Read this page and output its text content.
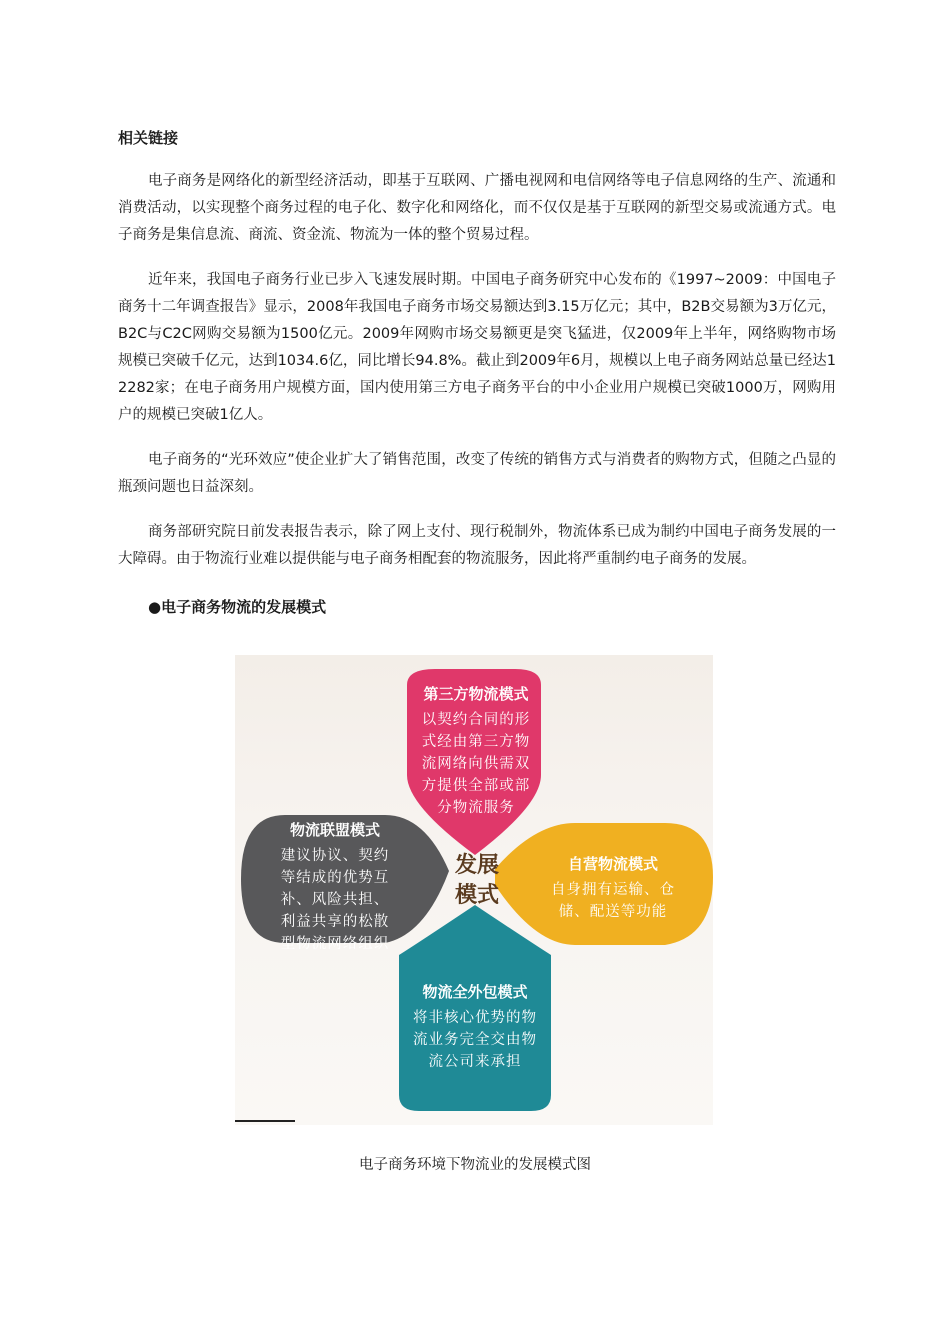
相关链接

电子商务是网络化的新型经济活动，即基于互联网、广播电视网和电信网络等电子信息网络的生产、流通和消费活动，以实现整个商务过程的电子化、数字化和网络化，而不仅仅是基于互联网的新型交易或流通方式。电子商务是集信息流、商流、资金流、物流为一体的整个贸易过程。

近年来，我国电子商务行业已步入飞速发展时期。中国电子商务研究中心发布的《1997~2009：中国电子商务十二年调查报告》显示，2008年我国电子商务市场交易额达到3.15万亿元；其中，B2B交易额为3万亿元，B2C与C2C网购交易额为1500亿元。2009年网购市场交易额更是突飞猛进，仅2009年上半年，网络购物市场规模已突破千亿元，达到1034.6亿，同比增长94.8%。截止到2009年6月，规模以上电子商务网站总量已经达12282家；在电子商务用户规模方面，国内使用第三方电子商务平台的中小企业用户规模已突破1000万，网购用户的规模已突破1亿人。

电子商务的“光环效应”使企业扩大了销售范围，改变了传统的销售方式与消费者的购物方式，但随之凸显的瓶颈问题也日益深刻。

商务部研究院日前发表报告表示，除了网上支付、现行税制外，物流体系已成为制约中国电子商务发展的一大障碍。由于物流行业难以提供能与电子商务相配套的物流服务，因此将严重制约电子商务的发展。

●电子商务物流的发展模式
第三方物流模式
以契约合同的形
式经由第三方物
流网络向供需双
方提供全部或部
分物流服务
自营物流模式
自身拥有运输、仓
储、配送等功能
物流全外包模式
将非核心优势的物
流业务完全交由物
流公司来承担
物流联盟模式
建议协议、契约
等结成的优势互
补、风险共担、
利益共享的松散
型物流网络组织
发展
模式
电子商务环境下物流业的发展模式图
